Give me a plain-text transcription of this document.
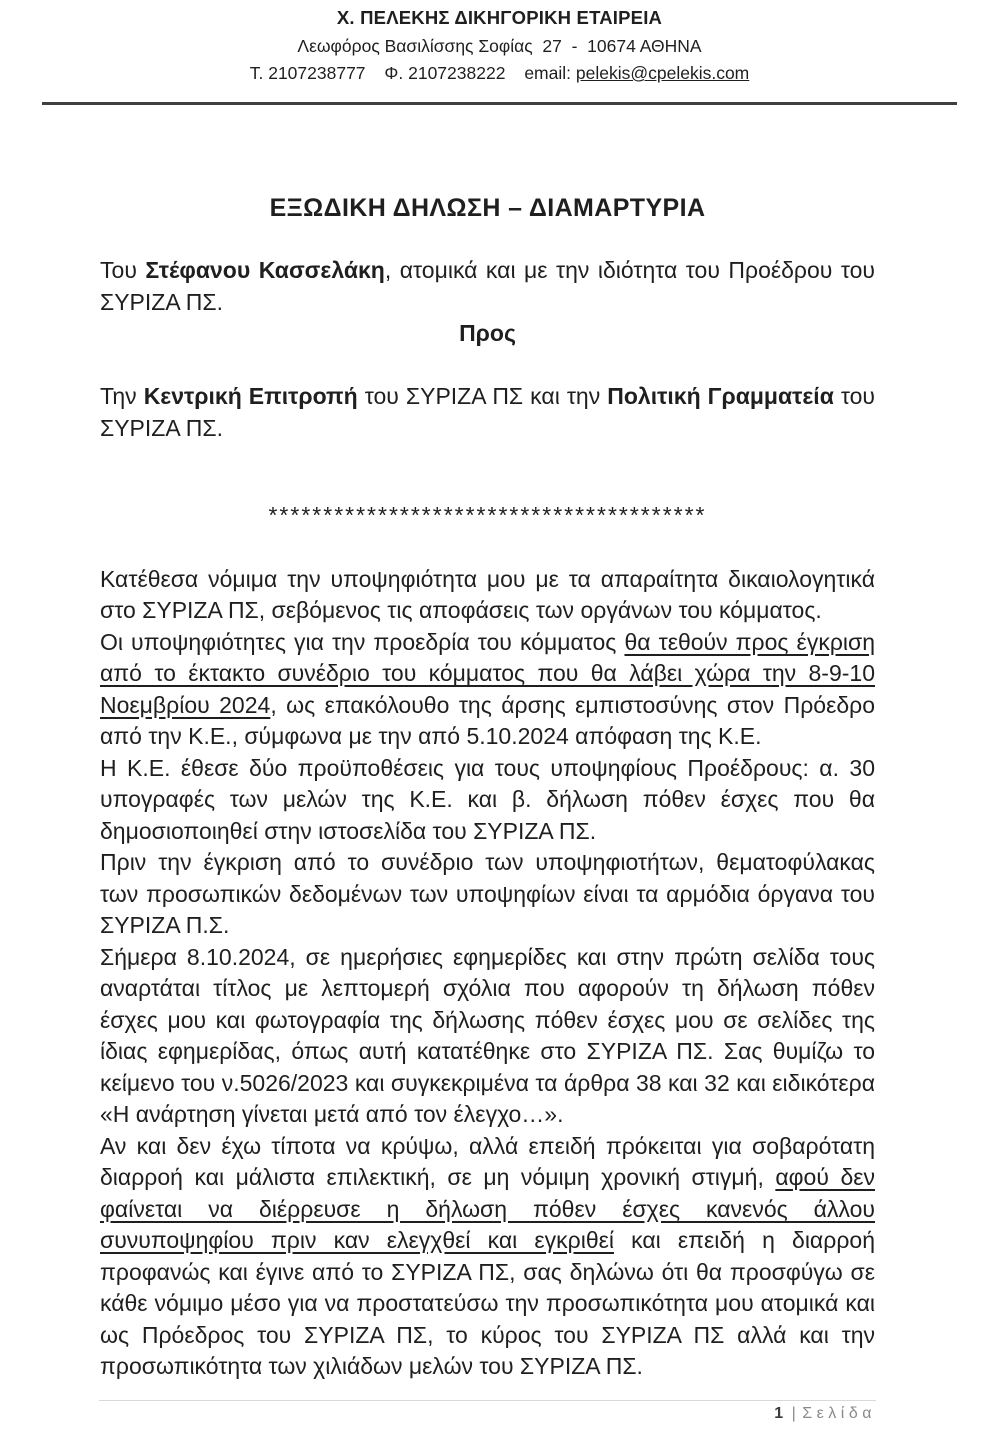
Χ. ΠΕΛΕΚΗΣ ΔΙΚΗΓΟΡΙΚΗ ΕΤΑΙΡΕΙΑ
Λεωφόρος Βασιλίσσης Σοφίας  27  -  10674 ΑΘΗΝΑ
Τ. 2107238777 Φ. 2107238222 email: pelekis@cpelekis.com
ΕΞΩΔΙΚΗ ΔΗΛΩΣΗ – ΔΙΑΜΑΡΤΥΡΙΑ

Του Στέφανου Κασσελάκη, ατομικά και με την ιδιότητα του Προέδρου του ΣΥΡΙΖΑ ΠΣ.

Προς

Την Κεντρική Επιτροπή του ΣΥΡΙΖΑ ΠΣ και την Πολιτική Γραμματεία του ΣΥΡΙΖΑ ΠΣ.

****************************************

Κατέθεσα νόμιμα την υποψηφιότητα μου με τα απαραίτητα δικαιολογητικά στο ΣΥΡΙΖΑ ΠΣ, σεβόμενος τις αποφάσεις των οργάνων του κόμματος.

Οι υποψηφιότητες για την προεδρία του κόμματος θα τεθούν προς έγκριση από το έκτακτο συνέδριο του κόμματος που θα λάβει χώρα την 8-9-10 Νοεμβρίου 2024, ως επακόλουθο της άρσης εμπιστοσύνης στον Πρόεδρο από την Κ.Ε., σύμφωνα με την από 5.10.2024 απόφαση της Κ.Ε.

Η Κ.Ε. έθεσε δύο προϋποθέσεις για τους υποψηφίους Προέδρους: α. 30 υπογραφές των μελών της Κ.Ε. και β. δήλωση πόθεν έσχες που θα δημοσιοποιηθεί στην ιστοσελίδα του ΣΥΡΙΖΑ ΠΣ.

Πριν την έγκριση από το συνέδριο των υποψηφιοτήτων, θεματοφύλακας των προσωπικών δεδομένων των υποψηφίων είναι τα αρμόδια όργανα του ΣΥΡΙΖΑ Π.Σ.

Σήμερα 8.10.2024, σε ημερήσιες εφημερίδες και στην πρώτη σελίδα τους αναρτάται τίτλος με λεπτομερή σχόλια που αφορούν τη δήλωση πόθεν έσχες μου και φωτογραφία της δήλωσης πόθεν έσχες μου σε σελίδες της ίδιας εφημερίδας, όπως αυτή κατατέθηκε στο ΣΥΡΙΖΑ ΠΣ. Σας θυμίζω το κείμενο του ν.5026/2023 και συγκεκριμένα τα άρθρα 38 και 32 και ειδικότερα «Η ανάρτηση γίνεται μετά από τον έλεγχο…».

Αν και δεν έχω τίποτα να κρύψω, αλλά επειδή πρόκειται για σοβαρότατη διαρροή και μάλιστα επιλεκτική, σε μη νόμιμη χρονική στιγμή, αφού δεν φαίνεται να διέρρευσε η δήλωση πόθεν έσχες κανενός άλλου συνυποψηφίου πριν καν ελεγχθεί και εγκριθεί και επειδή η διαρροή προφανώς και έγινε από το ΣΥΡΙΖΑ ΠΣ, σας δηλώνω ότι θα προσφύγω σε κάθε νόμιμο μέσο για να προστατεύσω την προσωπικότητα μου ατομικά και ως Πρόεδρος του ΣΥΡΙΖΑ ΠΣ, το κύρος του ΣΥΡΙΖΑ ΠΣ αλλά και την προσωπικότητα των χιλιάδων μελών του ΣΥΡΙΖΑ ΠΣ.

1 | Σελίδα
